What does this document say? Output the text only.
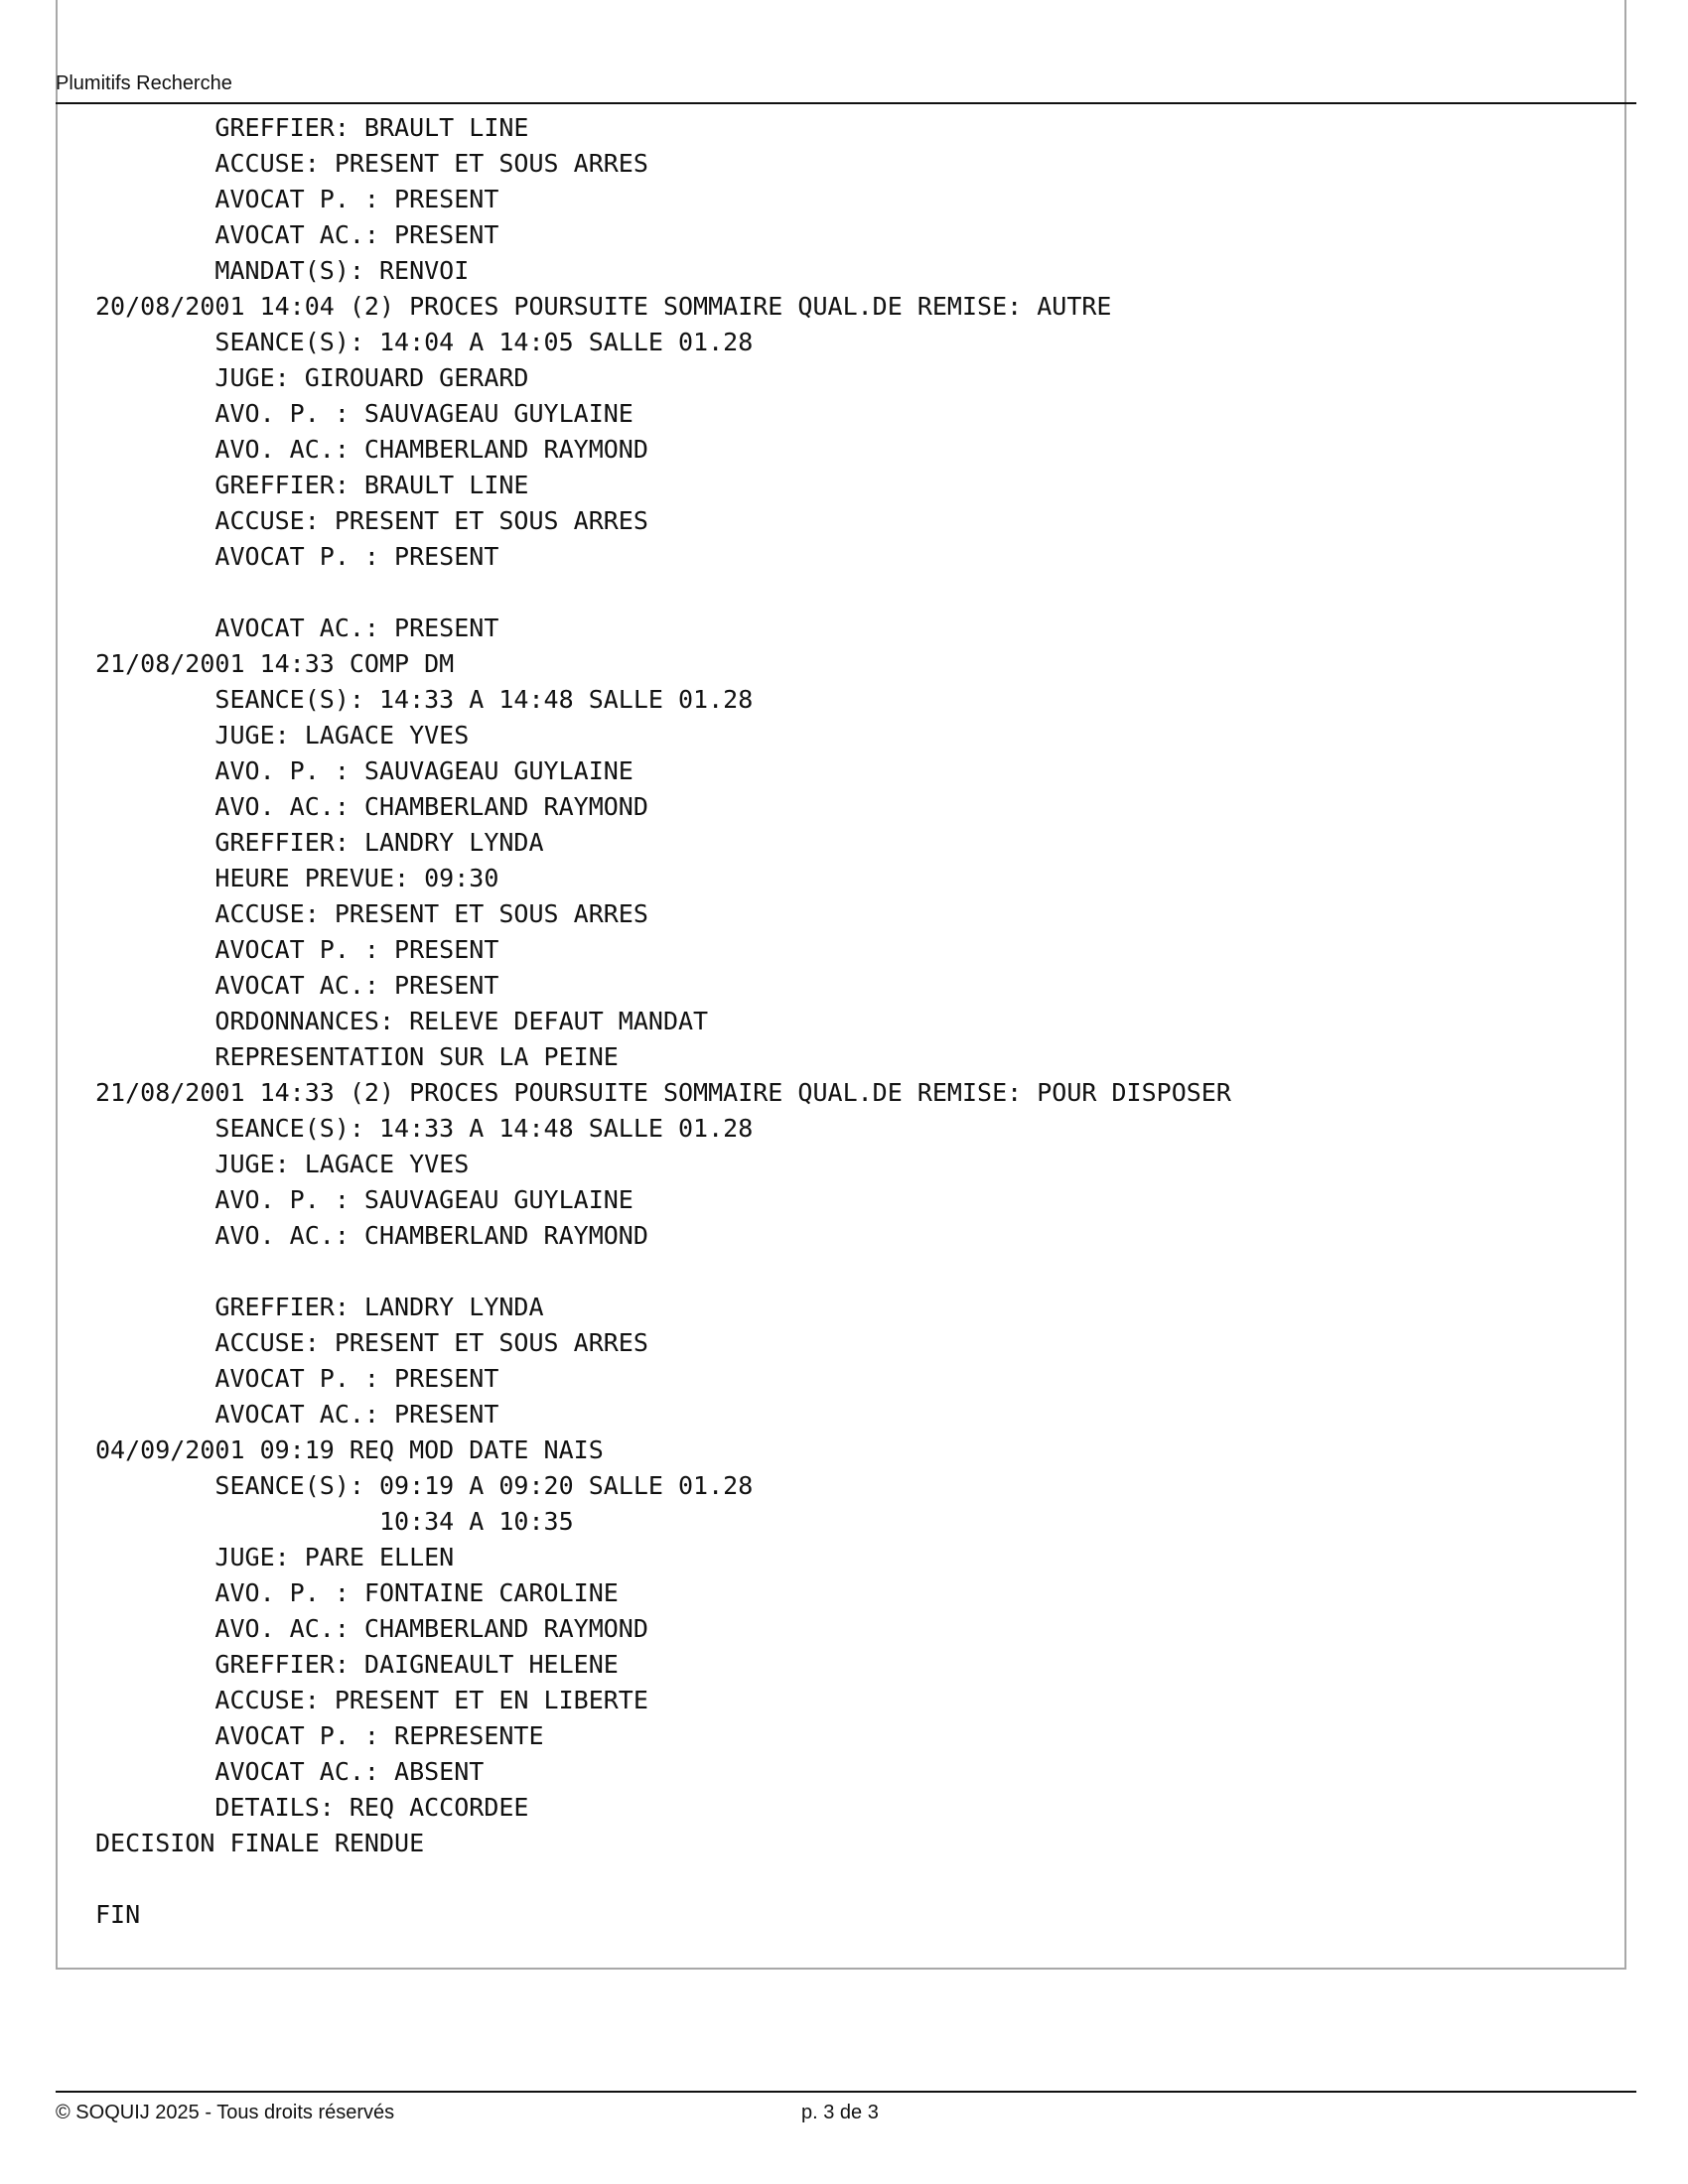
Plumitifs Recherche
GREFFIER: BRAULT LINE
ACCUSE: PRESENT ET SOUS ARRES
AVOCAT P. : PRESENT
AVOCAT AC.: PRESENT
MANDAT(S): RENVOI
20/08/2001 14:04 (2) PROCES POURSUITE SOMMAIRE QUAL.DE REMISE: AUTRE
SEANCE(S): 14:04 A 14:05 SALLE 01.28
JUGE: GIROUARD GERARD
AVO. P. : SAUVAGEAU GUYLAINE
AVO. AC.: CHAMBERLAND RAYMOND
GREFFIER: BRAULT LINE
ACCUSE: PRESENT ET SOUS ARRES
AVOCAT P. : PRESENT
AVOCAT AC.: PRESENT
21/08/2001 14:33 COMP DM
SEANCE(S): 14:33 A 14:48 SALLE 01.28
JUGE: LAGACE YVES
AVO. P. : SAUVAGEAU GUYLAINE
AVO. AC.: CHAMBERLAND RAYMOND
GREFFIER: LANDRY LYNDA
HEURE PREVUE: 09:30
ACCUSE: PRESENT ET SOUS ARRES
AVOCAT P. : PRESENT
AVOCAT AC.: PRESENT
ORDONNANCES: RELEVE DEFAUT MANDAT
REPRESENTATION SUR LA PEINE
21/08/2001 14:33 (2) PROCES POURSUITE SOMMAIRE QUAL.DE REMISE: POUR DISPOSER
SEANCE(S): 14:33 A 14:48 SALLE 01.28
JUGE: LAGACE YVES
AVO. P. : SAUVAGEAU GUYLAINE
AVO. AC.: CHAMBERLAND RAYMOND
GREFFIER: LANDRY LYNDA
ACCUSE: PRESENT ET SOUS ARRES
AVOCAT P. : PRESENT
AVOCAT AC.: PRESENT
04/09/2001 09:19 REQ MOD DATE NAIS
SEANCE(S): 09:19 A 09:20 SALLE 01.28
10:34 A 10:35
JUGE: PARE ELLEN
AVO. P. : FONTAINE CAROLINE
AVO. AC.: CHAMBERLAND RAYMOND
GREFFIER: DAIGNEAULT HELENE
ACCUSE: PRESENT ET EN LIBERTE
AVOCAT P. : REPRESENTE
AVOCAT AC.: ABSENT
DETAILS: REQ ACCORDEE
DECISION FINALE RENDUE
FIN
© SOQUIJ 2025 - Tous droits réservés	p. 3 de 3
